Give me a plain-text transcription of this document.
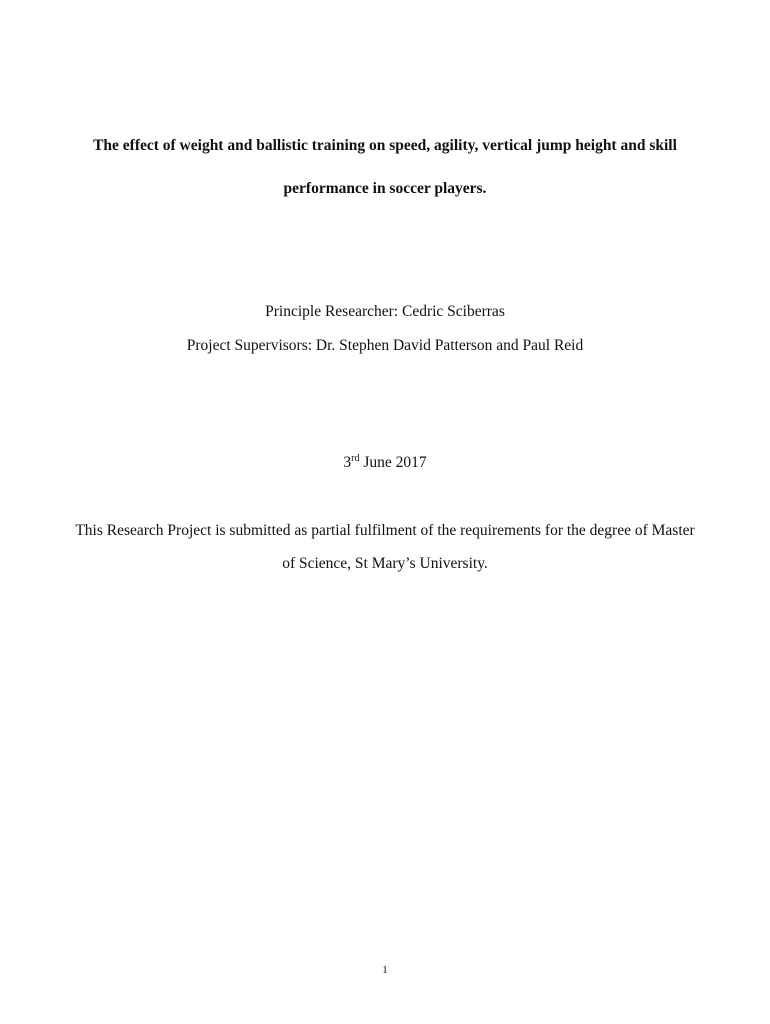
The effect of weight and ballistic training on speed, agility, vertical jump height and skill
performance in soccer players.
Principle Researcher: Cedric Sciberras
Project Supervisors: Dr. Stephen David Patterson and Paul Reid
3rd June 2017
This Research Project is submitted as partial fulfilment of the requirements for the degree of Master
of Science, St Mary’s University.
1
